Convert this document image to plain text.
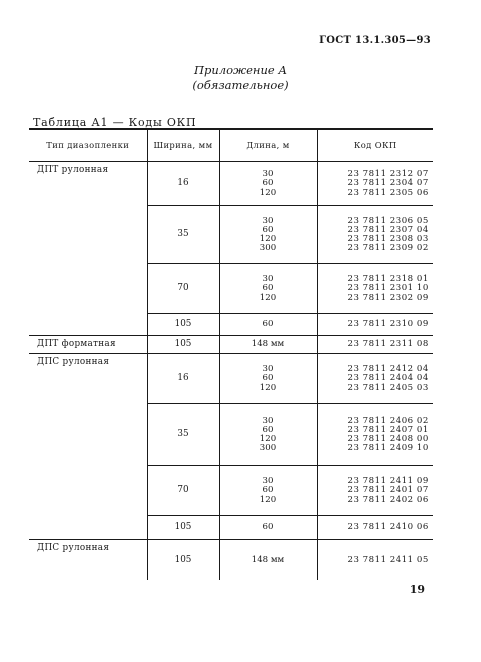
ГОСТ 13.1.305—93
Приложение А
(обязательное)
Таблица А1 — Коды ОКП
Тип диазопленки	Ширина, мм	Длина, м	Код ОКП
ДПТ рулонная	16	30
60
120	23 7811 2312 07
23 7811 2304 07
23 7811 2305 06

	35	30
60
120
300	23 7811 2306 05
23 7811 2307 04
23 7811 2308 03
23 7811 2309 02

	70	30
60
120	23 7811 2318 01
23 7811 2301 10
23 7811 2302 09

	105	60	23 7811 2310 09

ДПТ форматная	105	148 мм	23 7811 2311 08

ДПС рулонная	16	30
60
120	23 7811 2412 04
23 7811 2404 04
23 7811 2405 03

	35	30
60
120
300	23 7811 2406 02
23 7811 2407 01
23 7811 2408 00
23 7811 2409 10

	70	30
60
120	23 7811 2411 09
23 7811 2401 07
23 7811 2402 06

	105	60	23 7811 2410 06

ДПС рулонная	105	148 мм	23 7811 2411 05
19
